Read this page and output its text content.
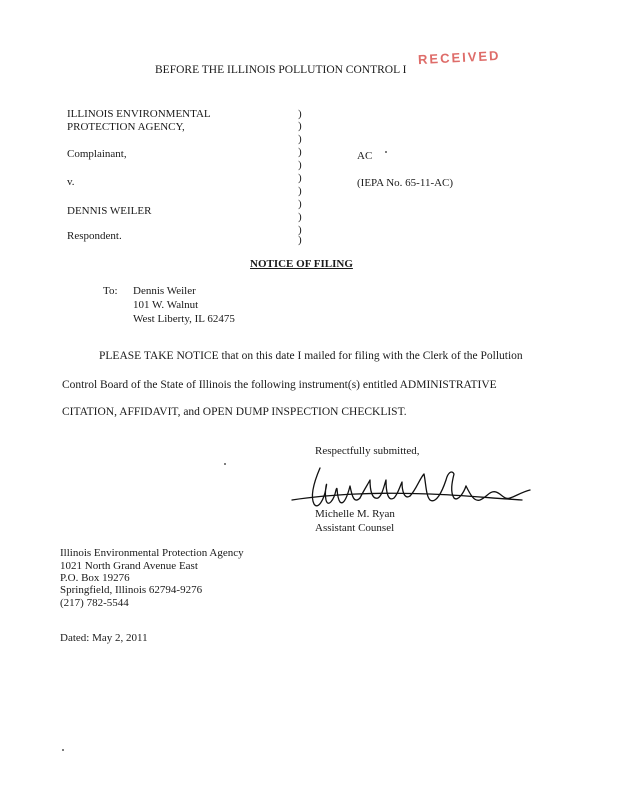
RECEIVED
BEFORE THE ILLINOIS POLLUTION CONTROL I
ILLINOIS ENVIRONMENTAL
PROTECTION AGENCY,
Complainant,
v.
DENNIS WEILER
Respondent.
)
)
)
)
)
)
)
)
)
)
)
AC
(IEPA No. 65-11-AC)
NOTICE OF FILING
To: Dennis Weiler
101 W. Walnut
West Liberty, IL 62475
PLEASE TAKE NOTICE that on this date I mailed for filing with the Clerk of the Pollution
Control Board of the State of Illinois the following instrument(s) entitled ADMINISTRATIVE
CITATION, AFFIDAVIT, and OPEN DUMP INSPECTION CHECKLIST.
Respectfully submitted,
Michelle M. Ryan
Assistant Counsel
Illinois Environmental Protection Agency
1021 North Grand Avenue East
P.O. Box 19276
Springfield, Illinois 62794-9276
(217) 782-5544
Dated: May 2, 2011
